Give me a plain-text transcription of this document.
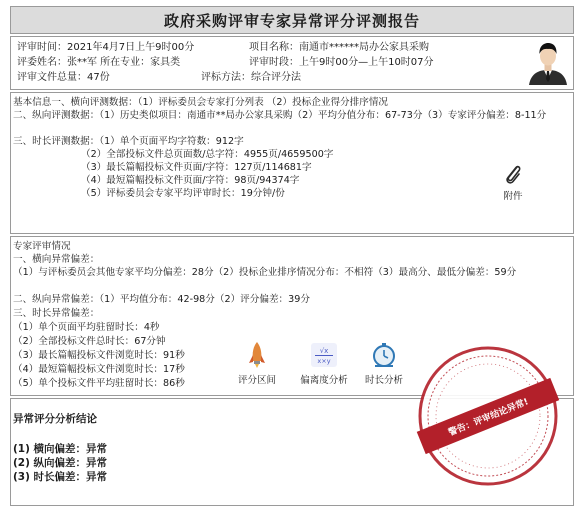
政府采购评审专家异常评分评测报告
评审时间：2021年4月7日上午9时00分	项目名称：南通市******局办公家具采购
评委姓名：张**军 所在专业：家具类	评审时段：上午9时00分—上午10时07分
评审文件总量：47份	评标方法：综合评分法
基本信息一、横向评测数据：（1）评标委员会专家打分列表 （2）投标企业得分排序情况
二、纵向评测数据：（1）历史类似项目：南通市**局办公家具采购（2）平均分值分布：67-73分（3）专家评分偏差：8-11分
三、时长评测数据：（1）单个页面平均字符数：912字
（2）全部投标文件总页面数/总字符：4955页/4659500字
（3）最长篇幅投标文件页面/字符：127页/114681字
（4）最短篇幅投标文件页面/字符：98页/94374字
（5）评标委员会专家平均评审时长：19分钟/份	附件
专家评审情况
一、横向异常偏差：
（1）与评标委员会其他专家平均分偏差：28分（2）投标企业排序情况分布：不相符（3）最高分、最低分偏差：59分
二、纵向异常偏差：（1）平均值分布：42-98分（2）评分偏差：39分
三、时长异常偏差：
（1）单个页面平均驻留时长：4秒
（2）全部投标文件总时长：67分钟
（3）最长篇幅投标文件浏览时长：91秒
（4）最短篇幅投标文件浏览时长：17秒
（5）单个投标文件平均驻留时长：86秒	评分区间
√x
x×y
偏离度分析	时长分析
异常评分分析结论
(1) 横向偏差：异常
(2) 纵向偏差：异常
(3) 时长偏差：异常
警告：评审结论异常!
